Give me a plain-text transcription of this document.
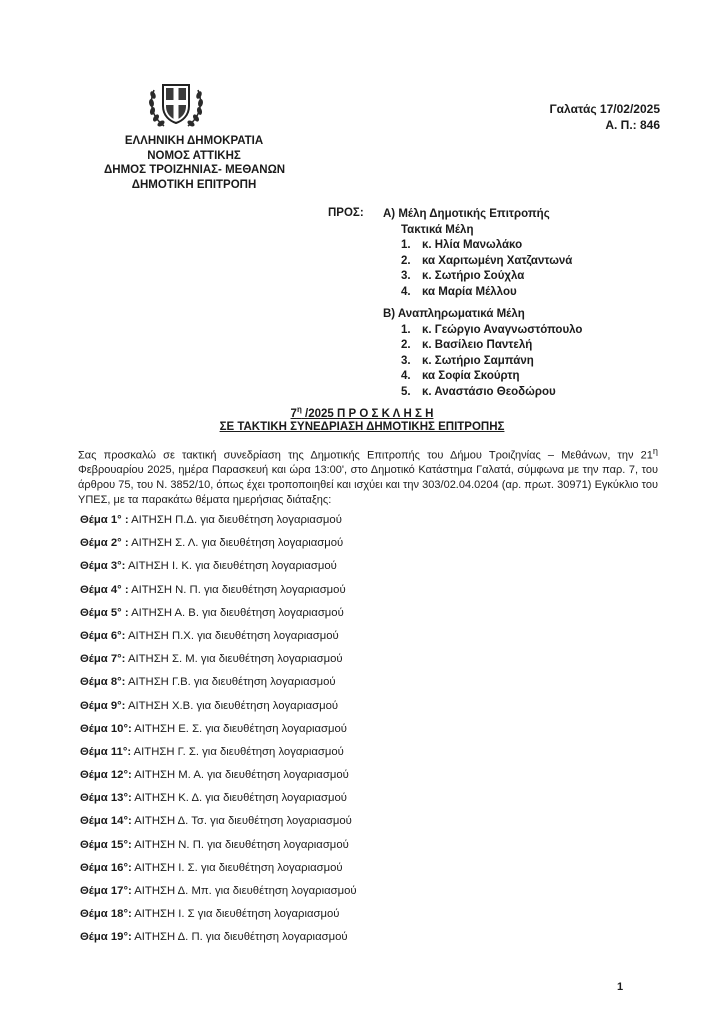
ΕΛΛΗΝΙΚΗ ΔΗΜΟΚΡΑΤΙΑ
ΝΟΜΟΣ ΑΤΤΙΚΗΣ
ΔΗΜΟΣ ΤΡΟΙΖΗΝΙΑΣ- ΜΕΘΑΝΩΝ
ΔΗΜΟΤΙΚΗ ΕΠΙΤΡΟΠΗ
Γαλατάς 17/02/2025
Α. Π.: 846
ΠΡΟΣ: Α) Μέλη Δημοτικής Επιτροπής
Τακτικά Μέλη
1. κ. Ηλία Μανωλάκο
2. κα Χαριτωμένη Χατζαντωνά
3. κ. Σωτήριο Σούχλα
4. κα Μαρία Μέλλου
Β) Αναπληρωματικά Μέλη
1. κ. Γεώργιο Αναγνωστόπουλο
2. κ. Βασίλειο Παντελή
3. κ. Σωτήριο Σαμπάνη
4. κα Σοφία Σκούρτη
5. κ. Αναστάσιο Θεοδώρου
$7^\eta$ /2025 Π Ρ Ο Σ Κ Λ Η Σ Η
ΣΕ ΤΑΚΤΙΚΗ ΣΥΝΕΔΡΙΑΣΗ ΔΗΜΟΤΙΚΗΣ ΕΠΙΤΡΟΠΗΣ
Σας προσκαλώ σε τακτική συνεδρίαση της Δημοτικής Επιτροπής του Δήμου Τροιζηνίας – Μεθάνων, την $21^\eta$ Φεβρουαρίου 2025, ημέρα Παρασκευή και ώρα 13:00', στο Δημοτικό Κατάστημα Γαλατά, σύμφωνα με την παρ. 7, του άρθρου 75, του Ν. 3852/10, όπως έχει τροποποιηθεί και ισχύει και την 303/02.04.0204 (αρ. πρωτ. 30971) Εγκύκλιο του ΥΠΕΣ, με τα παρακάτω θέματα ημερήσιας διάταξης:
Θέμα 1° : ΑΙΤΗΣΗ Π.Δ. για διευθέτηση λογαριασμού
Θέμα 2° : ΑΙΤΗΣΗ Σ. Λ. για διευθέτηση λογαριασμού
Θέμα 3°: ΑΙΤΗΣΗ Ι. Κ. για διευθέτηση λογαριασμού
Θέμα 4° : ΑΙΤΗΣΗ Ν. Π. για διευθέτηση λογαριασμού
Θέμα 5° : ΑΙΤΗΣΗ Α. Β. για διευθέτηση λογαριασμού
Θέμα 6°: ΑΙΤΗΣΗ Π.Χ. για διευθέτηση λογαριασμού
Θέμα 7°: ΑΙΤΗΣΗ Σ. Μ. για διευθέτηση λογαριασμού
Θέμα 8°: ΑΙΤΗΣΗ Γ.Β. για διευθέτηση λογαριασμού
Θέμα 9°: ΑΙΤΗΣΗ Χ.Β. για διευθέτηση λογαριασμού
Θέμα 10°: ΑΙΤΗΣΗ Ε. Σ. για διευθέτηση λογαριασμού
Θέμα 11°: ΑΙΤΗΣΗ Γ. Σ. για διευθέτηση λογαριασμού
Θέμα 12°: ΑΙΤΗΣΗ Μ. Α. για διευθέτηση λογαριασμού
Θέμα 13°: ΑΙΤΗΣΗ Κ. Δ. για διευθέτηση λογαριασμού
Θέμα 14°: ΑΙΤΗΣΗ Δ. Τσ. για διευθέτηση λογαριασμού
Θέμα 15°: ΑΙΤΗΣΗ Ν. Π. για διευθέτηση λογαριασμού
Θέμα 16°: ΑΙΤΗΣΗ Ι. Σ. για διευθέτηση λογαριασμού
Θέμα 17°: ΑΙΤΗΣΗ Δ. Μπ. για διευθέτηση λογαριασμού
Θέμα 18°: ΑΙΤΗΣΗ Ι. Σ για διευθέτηση λογαριασμού
Θέμα 19°: ΑΙΤΗΣΗ Δ. Π. για διευθέτηση λογαριασμού
1
